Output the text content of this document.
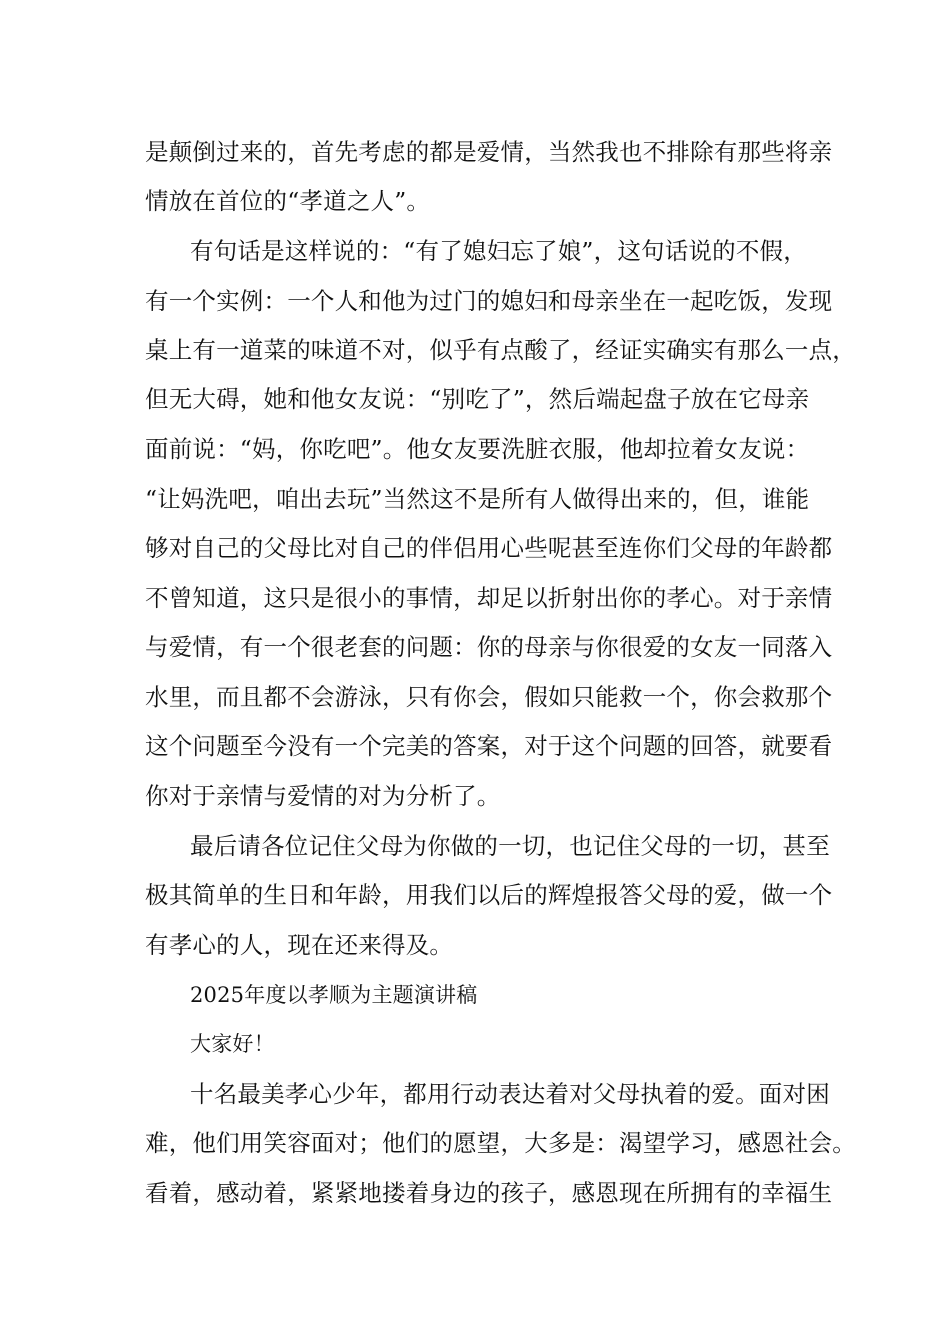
是颠倒过来的，首先考虑的都是爱情，当然我也不排除有那些将亲
情放在首位的“孝道之人”。
有句话是这样说的：“有了媳妇忘了娘”，这句话说的不假，
有一个实例：一个人和他为过门的媳妇和母亲坐在一起吃饭，发现
桌上有一道菜的味道不对，似乎有点酸了，经证实确实有那么一点，
但无大碍，她和他女友说：“别吃了”，然后端起盘子放在它母亲
面前说：“妈，你吃吧”。他女友要洗脏衣服，他却拉着女友说：
“让妈洗吧，咱出去玩”当然这不是所有人做得出来的，但，谁能
够对自己的父母比对自己的伴侣用心些呢甚至连你们父母的年龄都
不曾知道，这只是很小的事情，却足以折射出你的孝心。对于亲情
与爱情，有一个很老套的问题：你的母亲与你很爱的女友一同落入
水里，而且都不会游泳，只有你会，假如只能救一个，你会救那个
这个问题至今没有一个完美的答案，对于这个问题的回答，就要看
你对于亲情与爱情的对为分析了。
最后请各位记住父母为你做的一切，也记住父母的一切，甚至
极其简单的生日和年龄，用我们以后的辉煌报答父母的爱，做一个
有孝心的人，现在还来得及。
2025年度以孝顺为主题演讲稿
大家好！
十名最美孝心少年，都用行动表达着对父母执着的爱。面对困
难，他们用笑容面对；他们的愿望，大多是：渴望学习，感恩社会。
看着，感动着，紧紧地搂着身边的孩子，感恩现在所拥有的幸福生
